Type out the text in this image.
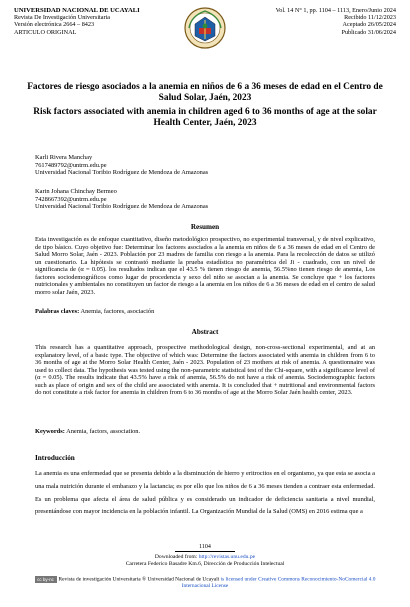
UNIVERSIDAD NACIONAL DE UCAYALI
Revista De Investigación Universitaria
Versión electrónica 2664 – 8423
ARTICULO ORIGINAL
Vol. 14 N° 1, pp. 1104 – 1113, Enero/Junio 2024
Recibido 11/12/2023
Aceptado 26/05/2024
Publicado 31/06/2024
Factores de riesgo asociados a la anemia en niños de 6 a 36 meses de edad en el Centro de Salud Solar, Jaén, 2023
Risk factors associated with anemia in children aged 6 to 36 months of age at the solar Health Center, Jaén, 2023
Karli Rivera Manchay
7617489792@untrm.edu.pe
Universidad Nacional Toribio Rodríguez de Mendoza de Amazonas
Karin Johana Chinchay Bermeo
7428667392@untrm.edu.pe
Universidad Nacional Toribio Rodríguez de Mendoza de Amazonas
Resumen
Esta investigación es de enfoque cuantitativo, diseño metodológico prospectivo, no experimental transversal, y de nivel explicativo, de tipo básico. Cuyo objetivo fue: Determinar los factores asociados a la anemia en niños de 6 a 36 meses de edad en el Centro de Salud Morro Solar, Jaén - 2023. Población por 23 madres de familia con riesgo a la anemia. Para la recolección de datos se utilizó un cuestionario. La hipótesis se contrastó mediante la prueba estadística no paramétrica del Ji - cuadrado, con un nivel de significancia de (α = 0.05). los resultados indican que el 43.5 % tienen riesgo de anemia, 56.5%no tienen riesgo de anemia, Los factores sociodemográficos como lugar de procedencia y sexo del niño se asocian a la anemia. Se concluye que + los factores nutricionales y ambientales no constituyen un factor de riesgo a la anemia en los niños de 6 a 36 meses de edad en el centro de salud morro solar Jaén, 2023.
Palabras claves: Anemia, factores, asociación
Abstract
This research has a quantitative approach, prospective methodological design, non-cross-sectional experimental, and at an explanatory level, of a basic type. The objective of which was: Determine the factors associated with anemia in children from 6 to 36 months of age at the Morro Solar Health Center, Jaén - 2023. Population of 23 mothers at risk of anemia. A questionnaire was used to collect data. The hypothesis was tested using the non-parametric statistical test of the Chi-square, with a significance level of (α = 0.05). The results indicate that 43.5% have a risk of anemia, 56.5% do not have a risk of anemia. Sociodemographic factors such as place of origin and sex of the child are associated with anemia. It is concluded that + nutritional and environmental factors do not constitute a risk factor for anemia in children from 6 to 36 months of age at the Morro Solar Jaén health center, 2023.
Keywords: Anemia, factors, association.
Introducción
La anemia es una enfermedad que se presenta debido a la disminución de hierro y eritrocitos en el organismo, ya que esta se asocia a una mala nutrición durante el embarazo y la lactancia; es por ello que los niños de 6 a 36 meses tienden a contraer esta enfermedad. Es un problema que afecta el área de salud pública y es considerado un indicador de deficiencia sanitaria a nivel mundial, presentándose con mayor incidencia en la población infantil. La Organización Mundial de la Salud (OMS) en 2016 estima que a
1104
Downloaded from: http://revistas.unu.edu.pe
Carretera Federico Basadre Km.6, Dirección de Producción Intelectual
cc by-nc Revista de investigación Universitaria ® Universidad Nacional de Ucayali is licensed under Creative Commons Reconocimiento-NoComercial 4.0 Internacional License
